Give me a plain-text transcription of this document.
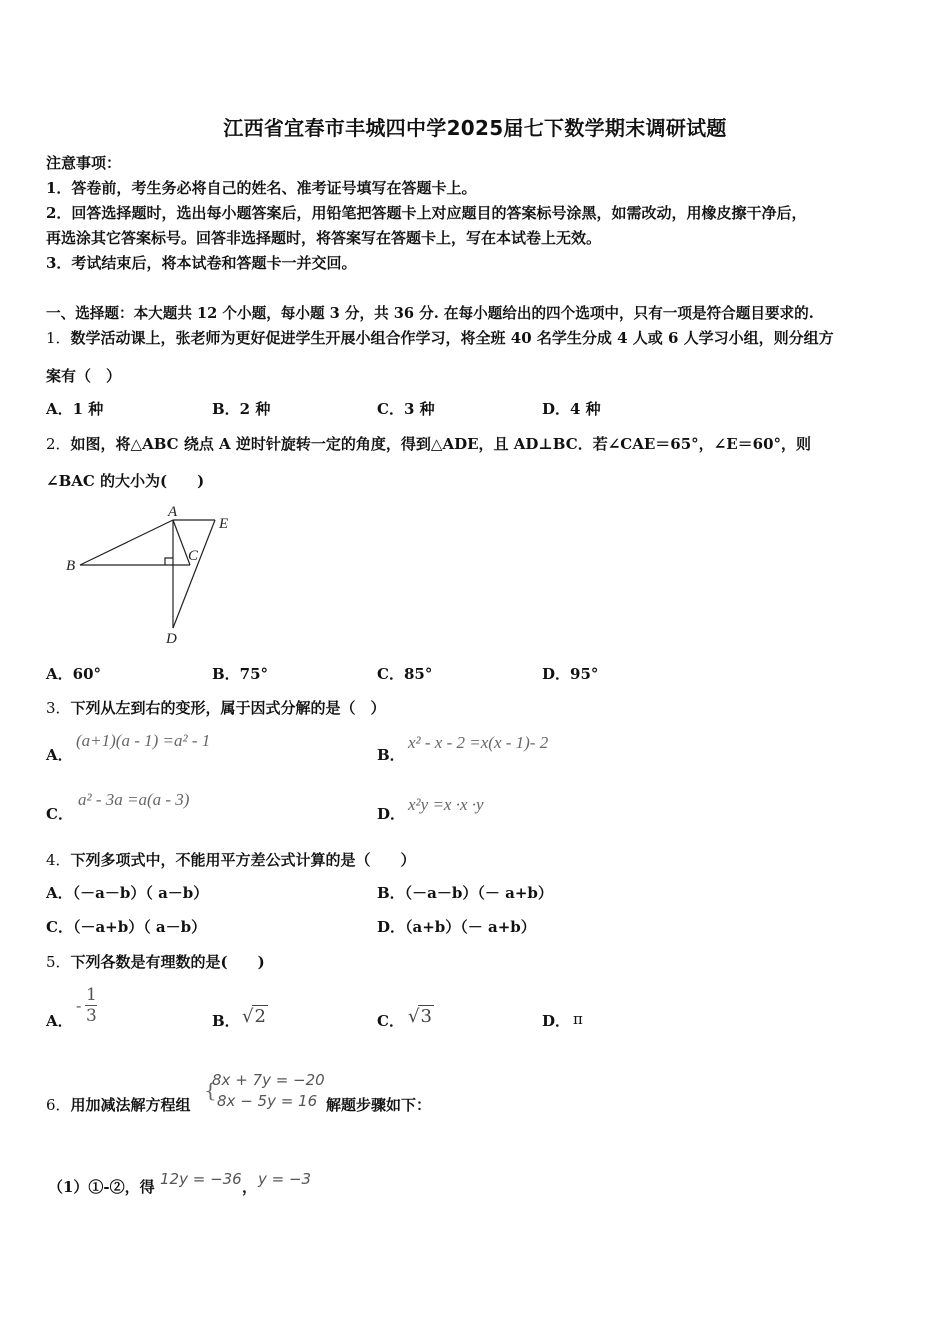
江西省宜春市丰城四中学2025届七下数学期末调研试题
注意事项：
1．答卷前，考生务必将自己的姓名、准考证号填写在答题卡上。
2．回答选择题时，选出每小题答案后，用铅笔把答题卡上对应题目的答案标号涂黑，如需改动，用橡皮擦干净后，
再选涂其它答案标号。回答非选择题时，将答案写在答题卡上，写在本试卷上无效。
3．考试结束后，将本试卷和答题卡一并交回。
一、选择题：本大题共 12 个小题，每小题 3 分，共 36 分. 在每小题给出的四个选项中，只有一项是符合题目要求的.
1．数学活动课上，张老师为更好促进学生开展小组合作学习，将全班 40 名学生分成 4 人或 6 人学习小组，则分组方
案有（　）
A．1 种	B．2 种	C．3 种	D．4 种
2．如图，将△ABC 绕点 A 逆时针旋转一定的角度，得到△ADE，且 AD⊥BC．若∠CAE＝65°，∠E＝60°，则
∠BAC 的大小为(　　)
A
B
C
D
E
A．60°	B．75°	C．85°	D．95°
3．下列从左到右的变形，属于因式分解的是（　）
A．
(a+1)(a - 1) =a² - 1
B．
x² - x - 2 =x(x - 1)- 2
C．
a² - 3a =a(a - 3)
D． x²y =x ·x ·y
4．下列多项式中，不能用平方差公式计算的是（　　）
A．（－a－b）（ a－b）	B．（－a－b）（－ a+b）
C．（－a+b）（ a－b）	D．（a+b）（－ a+b）
5．下列各数是有理数的是(　　)
A．
- $\frac{1}{3}$	B． √2	C． √3	D． π
6．用加减法解方程组
{
8x + 7y = −20
8x − 5y = 16 解题步骤如下：
（1）①-②，得 12y = −36 ， y = −3
